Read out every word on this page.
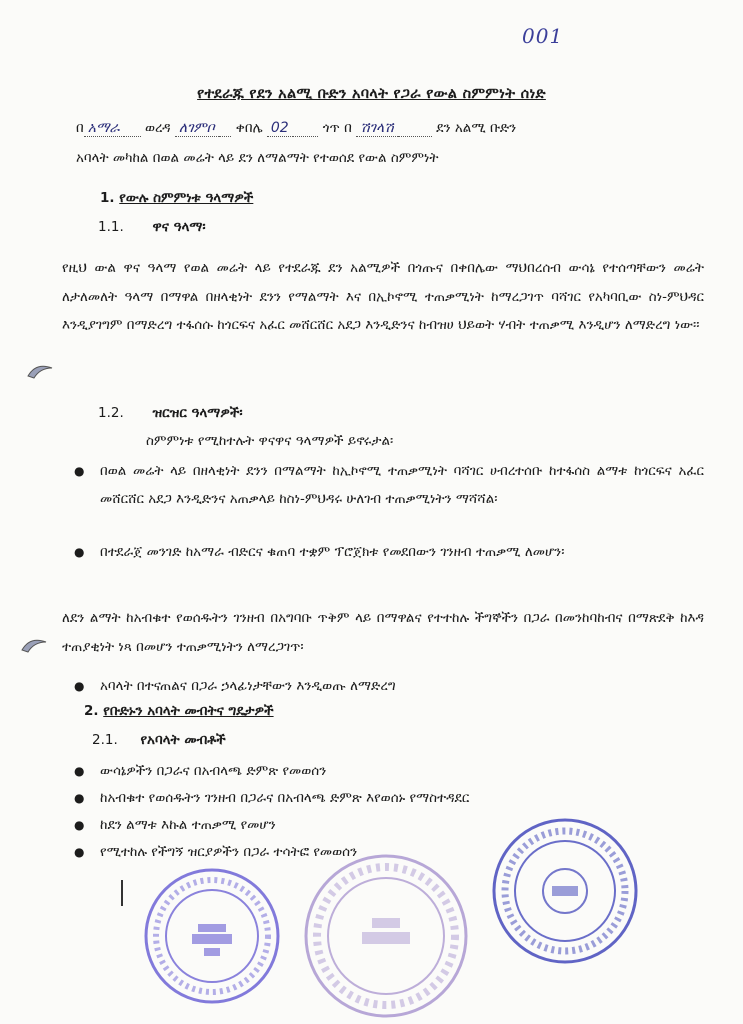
001
የተደራጁ የደን አልሚ ቡድን አባላት የጋራ የውል ስምምነት ሰነድ
በ አማራ ወረዳ ለገምቦ ቀበሌ 02	ጎጥ በ ሽገላሽ	ደን አልሚ ቡድን
አባላት መካከል በወል መሬት ላይ ደን ለማልማት የተወሰደ የውል ስምምነት
1. የውሉ ስምምነቱ ዓላማዎች
1.1. ዋና ዓላማ፡
የዚህ ውል ዋና ዓላማ የወል መሬት ላይ የተደራጁ ደን አልሚዎች በጎጡና በቀበሌው ማህበረሰብ ውሳኔ የተሰጣቸውን መሬት ለታለመለት ዓላማ በማዋል በዘላቂነት ደንን የማልማት እና በኢኮኖሚ ተጠቃሚነት ከማረጋገጥ ባሻገር የአካባቢው ስነ-ምህዳር እንዲያገግም በማድረግ ተፋሰሱ ከጎርፍና አፈር መሸርሸር አደጋ እንዲድንና ከብዝሀ ህይወት ሃብት ተጠቃሚ እንዲሆን ለማድረግ ነው፡፡
1.2. ዝርዝር ዓላማዎች፡
ስምምነቱ የሚከተሉት ዋናዋና ዓላማዎች ይኖሩታል፡
● በወል መሬት ላይ በዘላቂነት ደንን በማልማት ከኢኮኖሚ ተጠቃሚነት ባሻገር ሀብረተሰቡ ከተፋሰስ ልማቱ ከጎርፍና አፈር መሸርሸር አደጋ እንዲድንና አጠቃላይ ከስነ-ምህዳሩ ሁለገብ ተጠቃሚነትን ማሻሻል፡
● በተደራጀ መንገድ ከአማራ ብድርና ቁጠባ ተቋም ፕሮጀክቱ የመደበውን ገንዘብ ተጠቃሚ ለመሆን፡
ለደን ልማት ከአብቁተ የወሰዱትን ገንዘብ በአግባቡ ጥቅም ላይ በማዋልና የተተከሉ ችግኞችን በጋራ በመንከባከብና በማጽደቅ ከእዳ ተጠያቂነት ነጻ በመሆን ተጠቃሚነትን ለማረጋገጥ፡
● አባላት በተናጠልና በጋራ ኃላፊነታቸውን እንዲወጡ ለማድረግ
2. የቡድኑን አባላት መብትና ግዴታዎች
2.1. የአባላት መብቶች
● ውሳኔዎችን በጋራና በአብላጫ ድምጽ የመወሰን
● ከአብቁተ የወሰዱትን ገንዘብ በጋራና በአብላጫ ድምጽ እየወሰኑ የማስተዳደር
● ከደን ልማቱ እኩል ተጠቃሚ የመሆን
● የሚተከሉ የችግኝ ዝርያዎችን በጋራ ተሳትፎ የመወሰን
